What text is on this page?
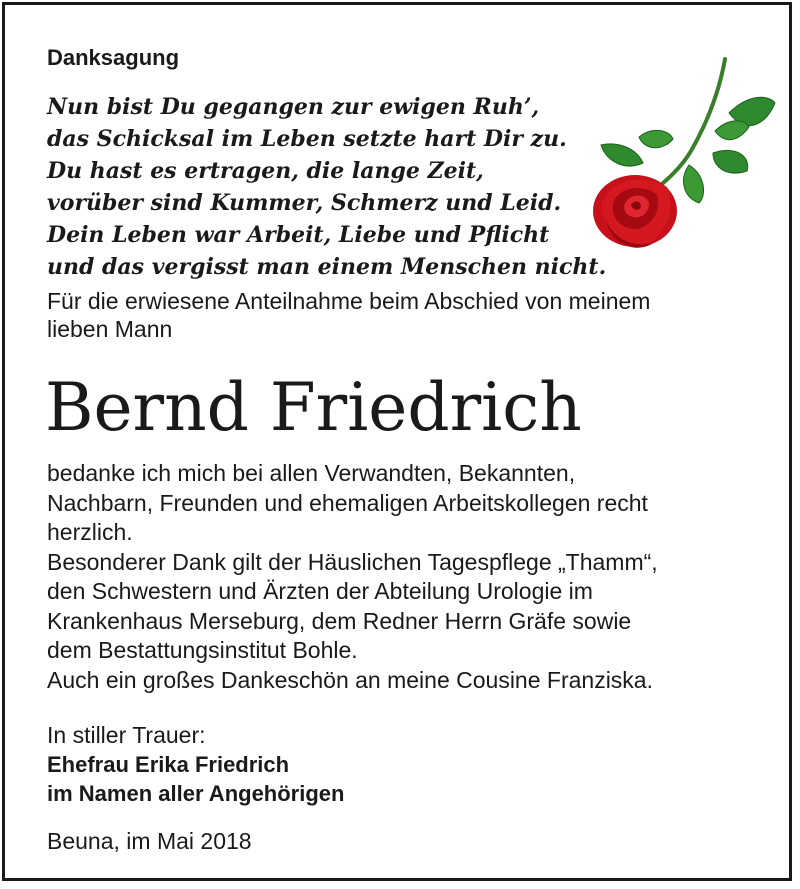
Danksagung
Nun bist Du gegangen zur ewigen Ruh’,
das Schicksal im Leben setzte hart Dir zu.
Du hast es ertragen, die lange Zeit,
vorüber sind Kummer, Schmerz und Leid.
Dein Leben war Arbeit, Liebe und Pflicht
und das vergisst man einem Menschen nicht.
Für die erwiesene Anteilnahme beim Abschied von meinem
lieben Mann
Bernd Friedrich
bedanke ich mich bei allen Verwandten, Bekannten,
Nachbarn, Freunden und ehemaligen Arbeitskollegen recht
herzlich.
Besonderer Dank gilt der Häuslichen Tagespflege „Thamm“,
den Schwestern und Ärzten der Abteilung Urologie im
Krankenhaus Merseburg, dem Redner Herrn Gräfe sowie
dem Bestattungsinstitut Bohle.
Auch ein großes Dankeschön an meine Cousine Franziska.
In stiller Trauer:
Ehefrau Erika Friedrich
im Namen aller Angehörigen
Beuna, im Mai 2018
